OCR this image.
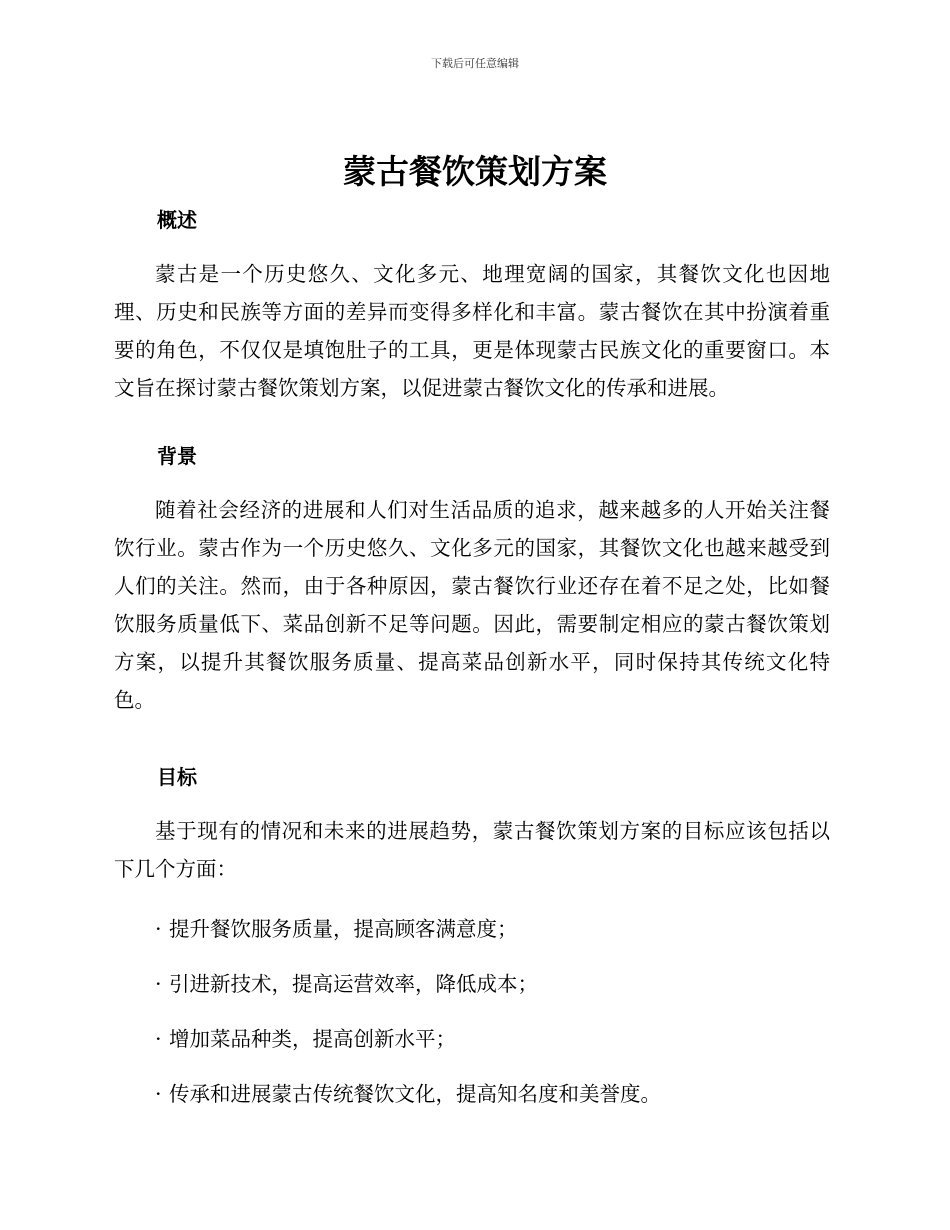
下载后可任意编辑
蒙古餐饮策划方案
概述

蒙古是一个历史悠久、文化多元、地理宽阔的国家，其餐饮文化也因地理、历史和民族等方面的差异而变得多样化和丰富。蒙古餐饮在其中扮演着重要的角色，不仅仅是填饱肚子的工具，更是体现蒙古民族文化的重要窗口。本文旨在探讨蒙古餐饮策划方案，以促进蒙古餐饮文化的传承和进展。

背景

随着社会经济的进展和人们对生活品质的追求，越来越多的人开始关注餐饮行业。蒙古作为一个历史悠久、文化多元的国家，其餐饮文化也越来越受到人们的关注。然而，由于各种原因，蒙古餐饮行业还存在着不足之处，比如餐饮服务质量低下、菜品创新不足等问题。因此，需要制定相应的蒙古餐饮策划方案，以提升其餐饮服务质量、提高菜品创新水平，同时保持其传统文化特色。

目标

基于现有的情况和未来的进展趋势，蒙古餐饮策划方案的目标应该包括以下几个方面：

· 提升餐饮服务质量，提高顾客满意度；

· 引进新技术，提高运营效率，降低成本；

· 增加菜品种类，提高创新水平；

· 传承和进展蒙古传统餐饮文化，提高知名度和美誉度。
